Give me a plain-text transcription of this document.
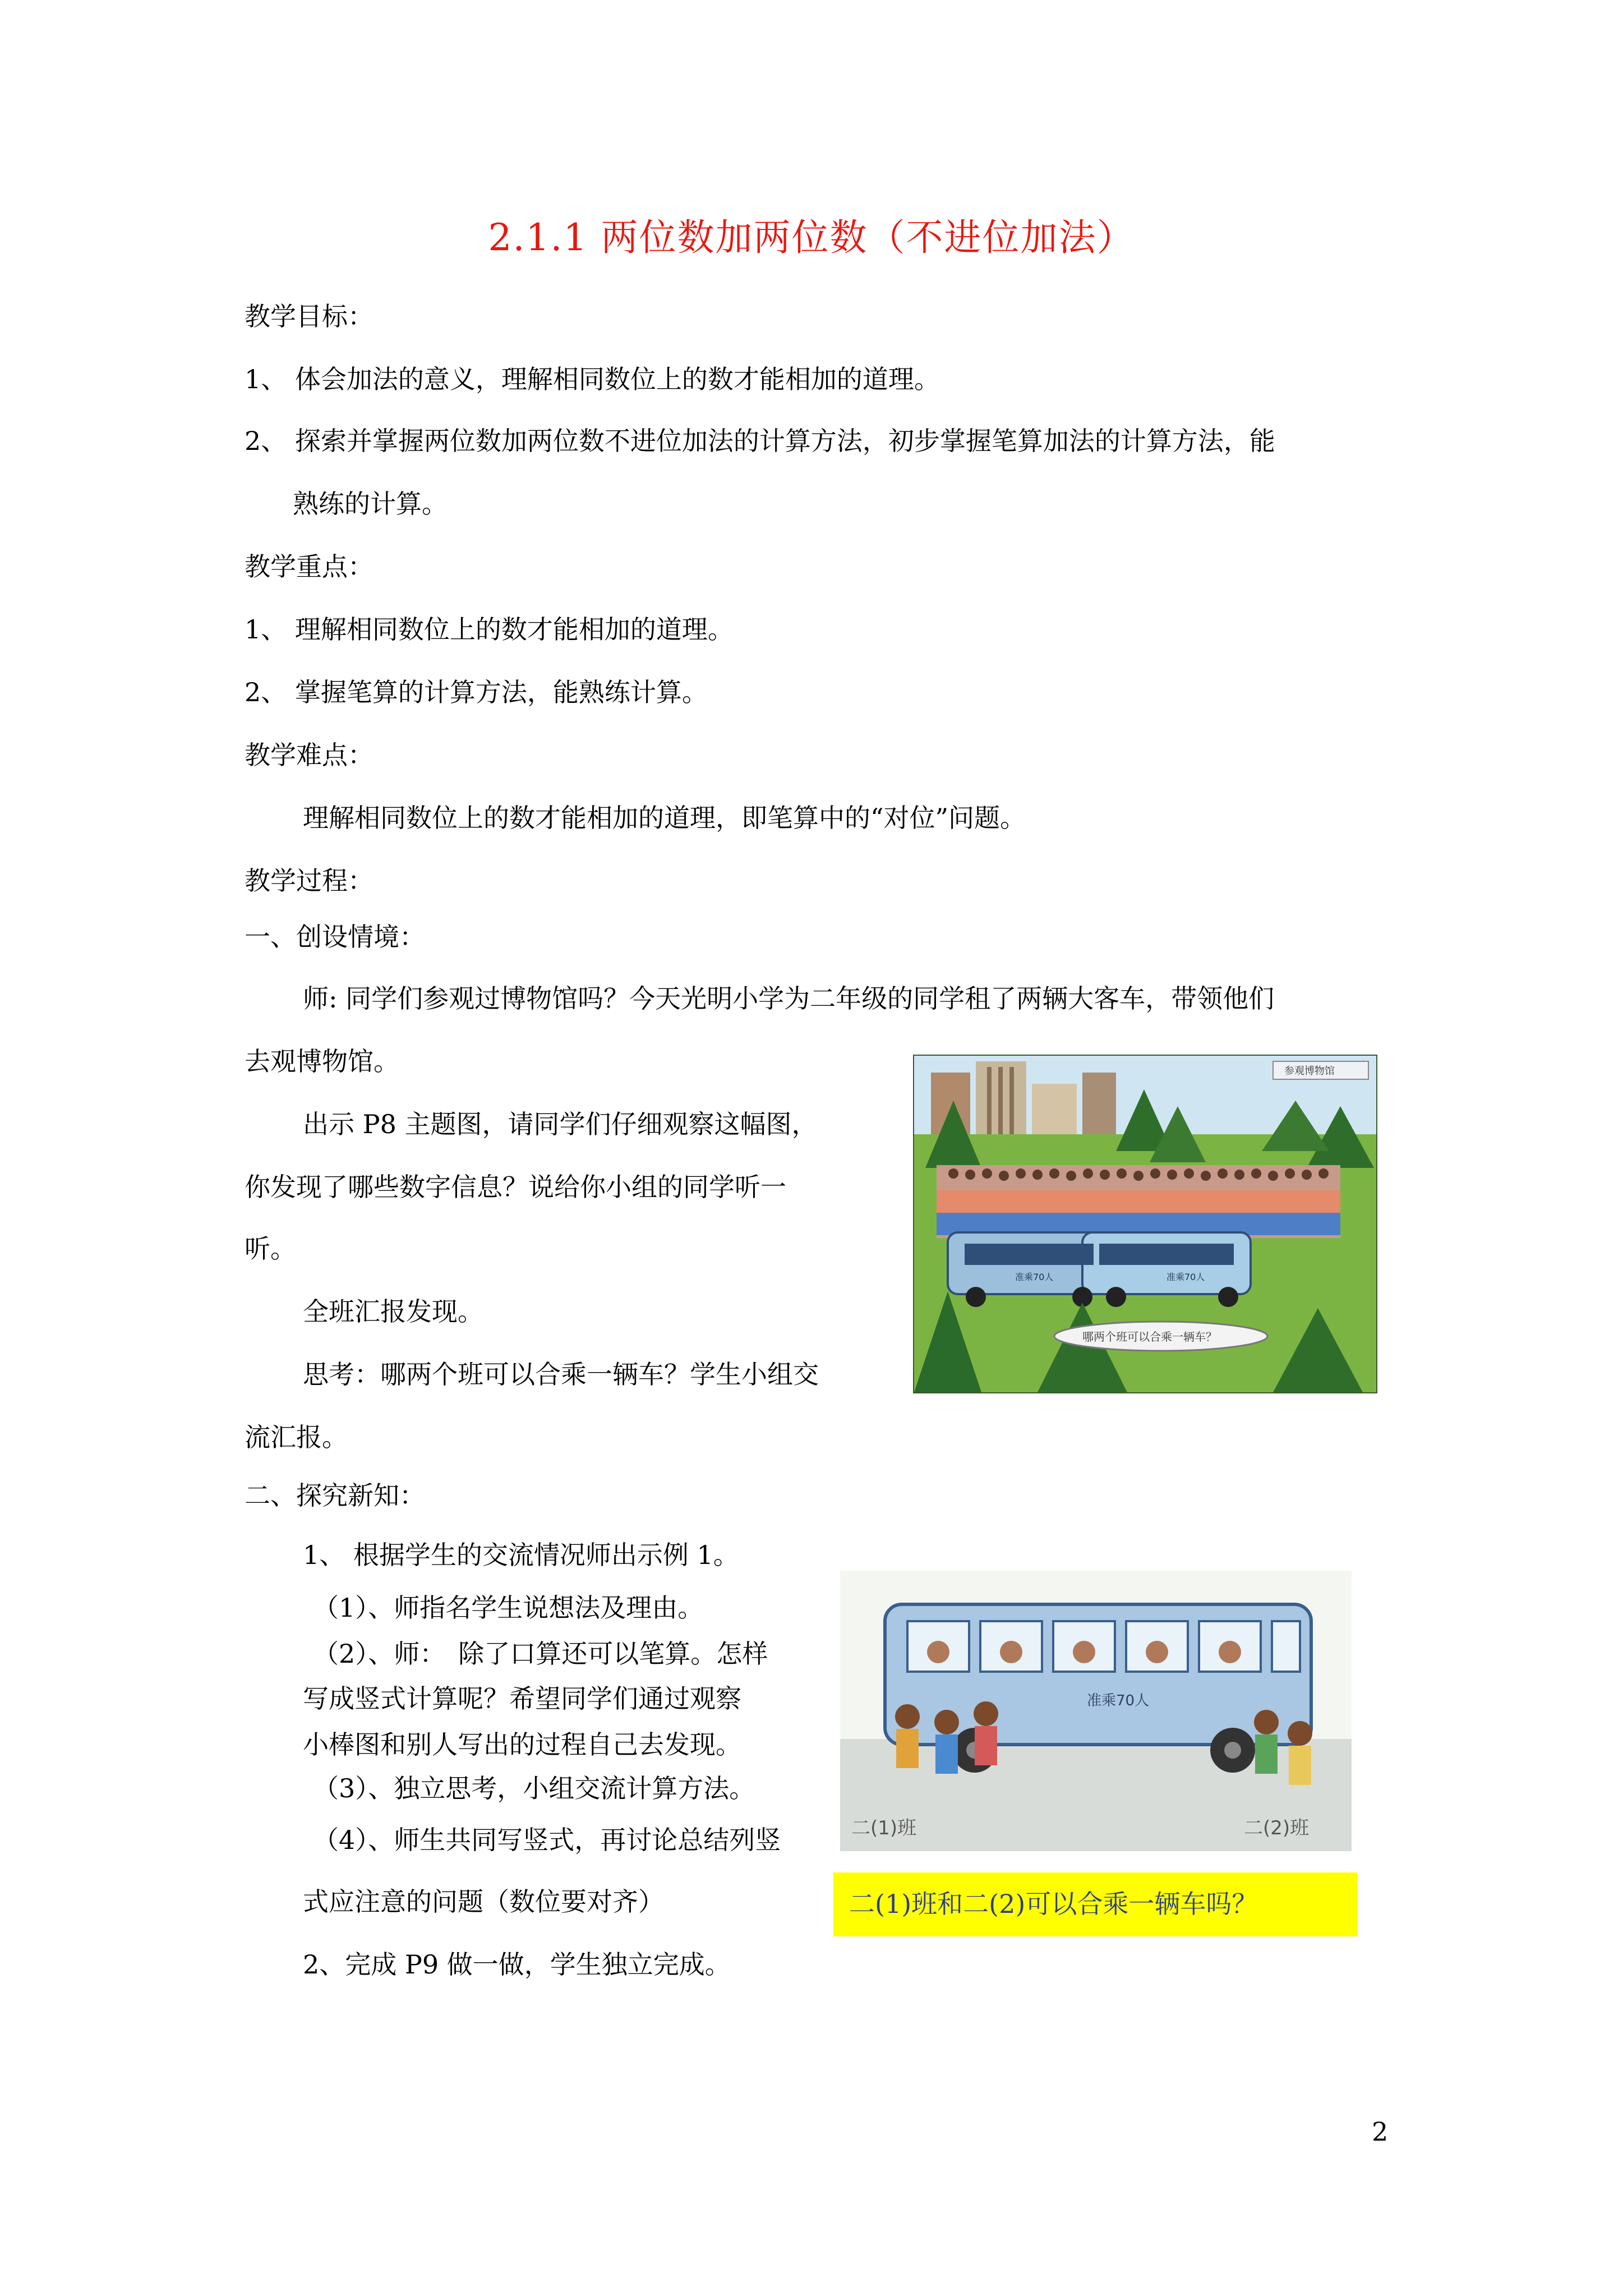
2.1.1 两位数加两位数（不进位加法）
教学目标：
1、 体会加法的意义，理解相同数位上的数才能相加的道理。
2、 探索并掌握两位数加两位数不进位加法的计算方法，初步掌握笔算加法的计算方法，能
熟练的计算。
教学重点：
1、 理解相同数位上的数才能相加的道理。
2、 掌握笔算的计算方法，能熟练计算。
教学难点：
理解相同数位上的数才能相加的道理，即笔算中的“对位”问题。
教学过程：
一、创设情境：
师: 同学们参观过博物馆吗？今天光明小学为二年级的同学租了两辆大客车，带领他们
去观博物馆。
出示 P8 主题图，请同学们仔细观察这幅图，
你发现了哪些数字信息？说给你小组的同学听一
听。
全班汇报发现。
思考：哪两个班可以合乘一辆车？学生小组交
流汇报。
二、探究新知：
1、 根据学生的交流情况师出示例 1。
（1）、师指名学生说想法及理由。
（2）、师：　除了口算还可以笔算。怎样
写成竖式计算呢？希望同学们通过观察
小棒图和别人写出的过程自己去发现。
（3）、独立思考，小组交流计算方法。
（4）、师生共同写竖式，再讨论总结列竖
式应注意的问题（数位要对齐）
2、完成 P9 做一做，学生独立完成。
准乘70人	准乘70人
哪两个班可以合乘一辆车？
参观博物馆
准乘70人
二(1)班	二(2)班
二(1)班和二(2)可以合乘一辆车吗？
2
